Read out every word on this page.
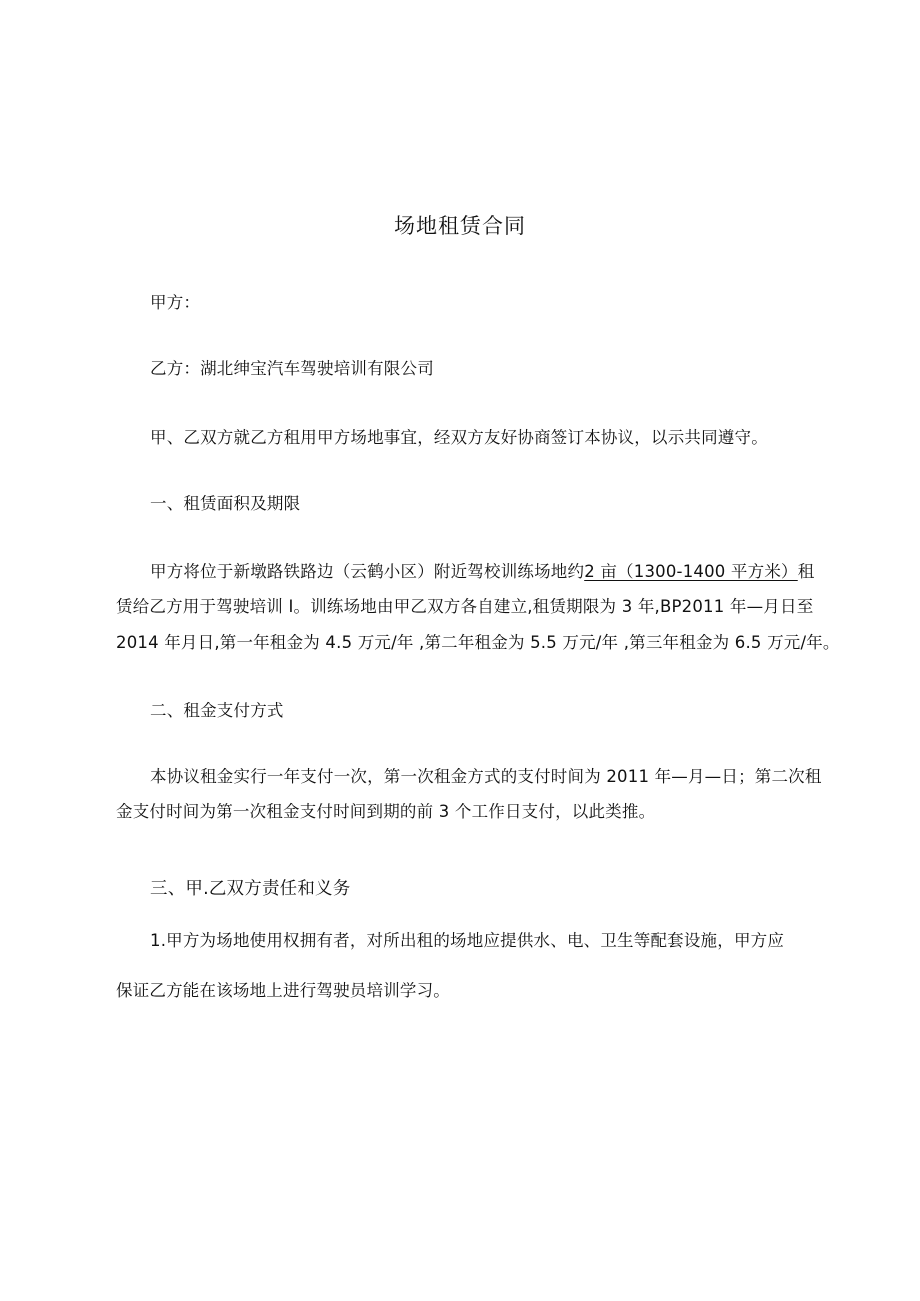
场地租赁合同
甲方：
乙方：湖北绅宝汽车驾驶培训有限公司
甲、乙双方就乙方租用甲方场地事宜，经双方友好协商签订本协议，以示共同遵守。
一、租赁面积及期限
甲方将位于新墩路铁路边（云鹤小区）附近驾校训练场地约2 亩（1300-1400 平方米）租
赁给乙方用于驾驶培训 I。训练场地由甲乙双方各自建立,租赁期限为 3 年,BP2011 年—月日至
2014 年月日,第一年租金为 4.5 万元/年 ,第二年租金为 5.5 万元/年 ,第三年租金为 6.5 万元/年。
二、租金支付方式
本协议租金实行一年支付一次，第一次租金方式的支付时间为 2011 年—月—日；第二次租
金支付时间为第一次租金支付时间到期的前 3 个工作日支付，以此类推。
三、甲.乙双方责任和义务
1.甲方为场地使用权拥有者，对所出租的场地应提供水、电、卫生等配套设施，甲方应
保证乙方能在该场地上进行驾驶员培训学习。
